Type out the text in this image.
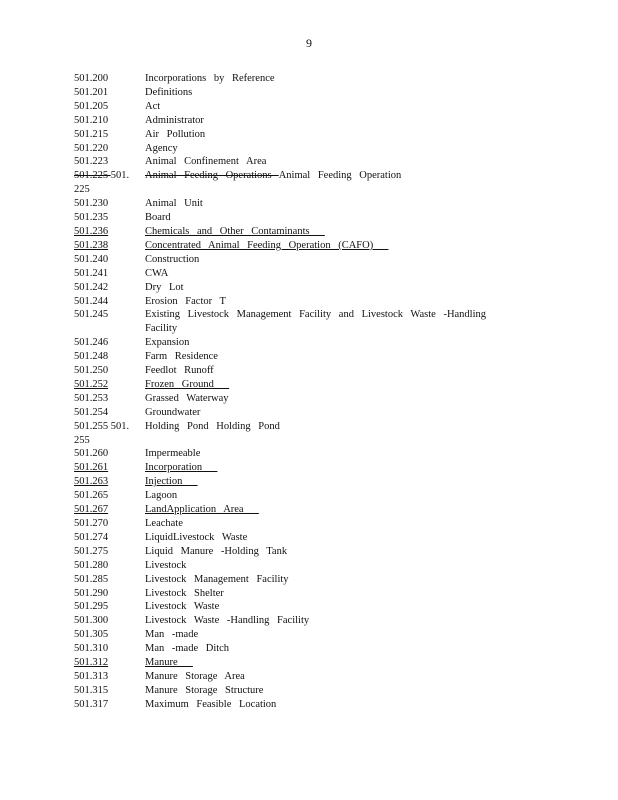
9
501.200	Incorporations by Reference
501.201	Definitions
501.205	Act
501.210	Administrator
501.215	Air Pollution
501.220	Agency
501.223	Animal Confinement Area
501.225 501.	Animal Feeding Operations Animal Feeding Operation
225
501.230	Animal Unit
501.235	Board
501.236	Chemicals and Other Contaminants
501.238	Concentrated Animal Feeding Operation (CAFO)
501.240	Construction
501.241	CWA
501.242	Dry Lot
501.244	Erosion Factor T
501.245	Existing Livestock Management Facility and Livestock Waste -Handling
Facility
501.246	Expansion
501.248	Farm Residence
501.250	Feedlot Runoff
501.252	Frozen Ground
501.253	Grassed Waterway
501.254	Groundwater
501.255 501.	Holding Pond Holding Pond
255
501.260	Impermeable
501.261	Incorporation
501.263	Injection
501.265	Lagoon
501.267	LandApplication Area
501.270	Leachate
501.274	LiquidLivestock Waste
501.275	Liquid Manure -Holding Tank
501.280	Livestock
501.285	Livestock Management Facility
501.290	Livestock Shelter
501.295	Livestock Waste
501.300	Livestock Waste -Handling Facility
501.305	Man -made
501.310	Man -made Ditch
501.312	Manure
501.313	Manure Storage Area
501.315	Manure Storage Structure
501.317	Maximum Feasible Location
